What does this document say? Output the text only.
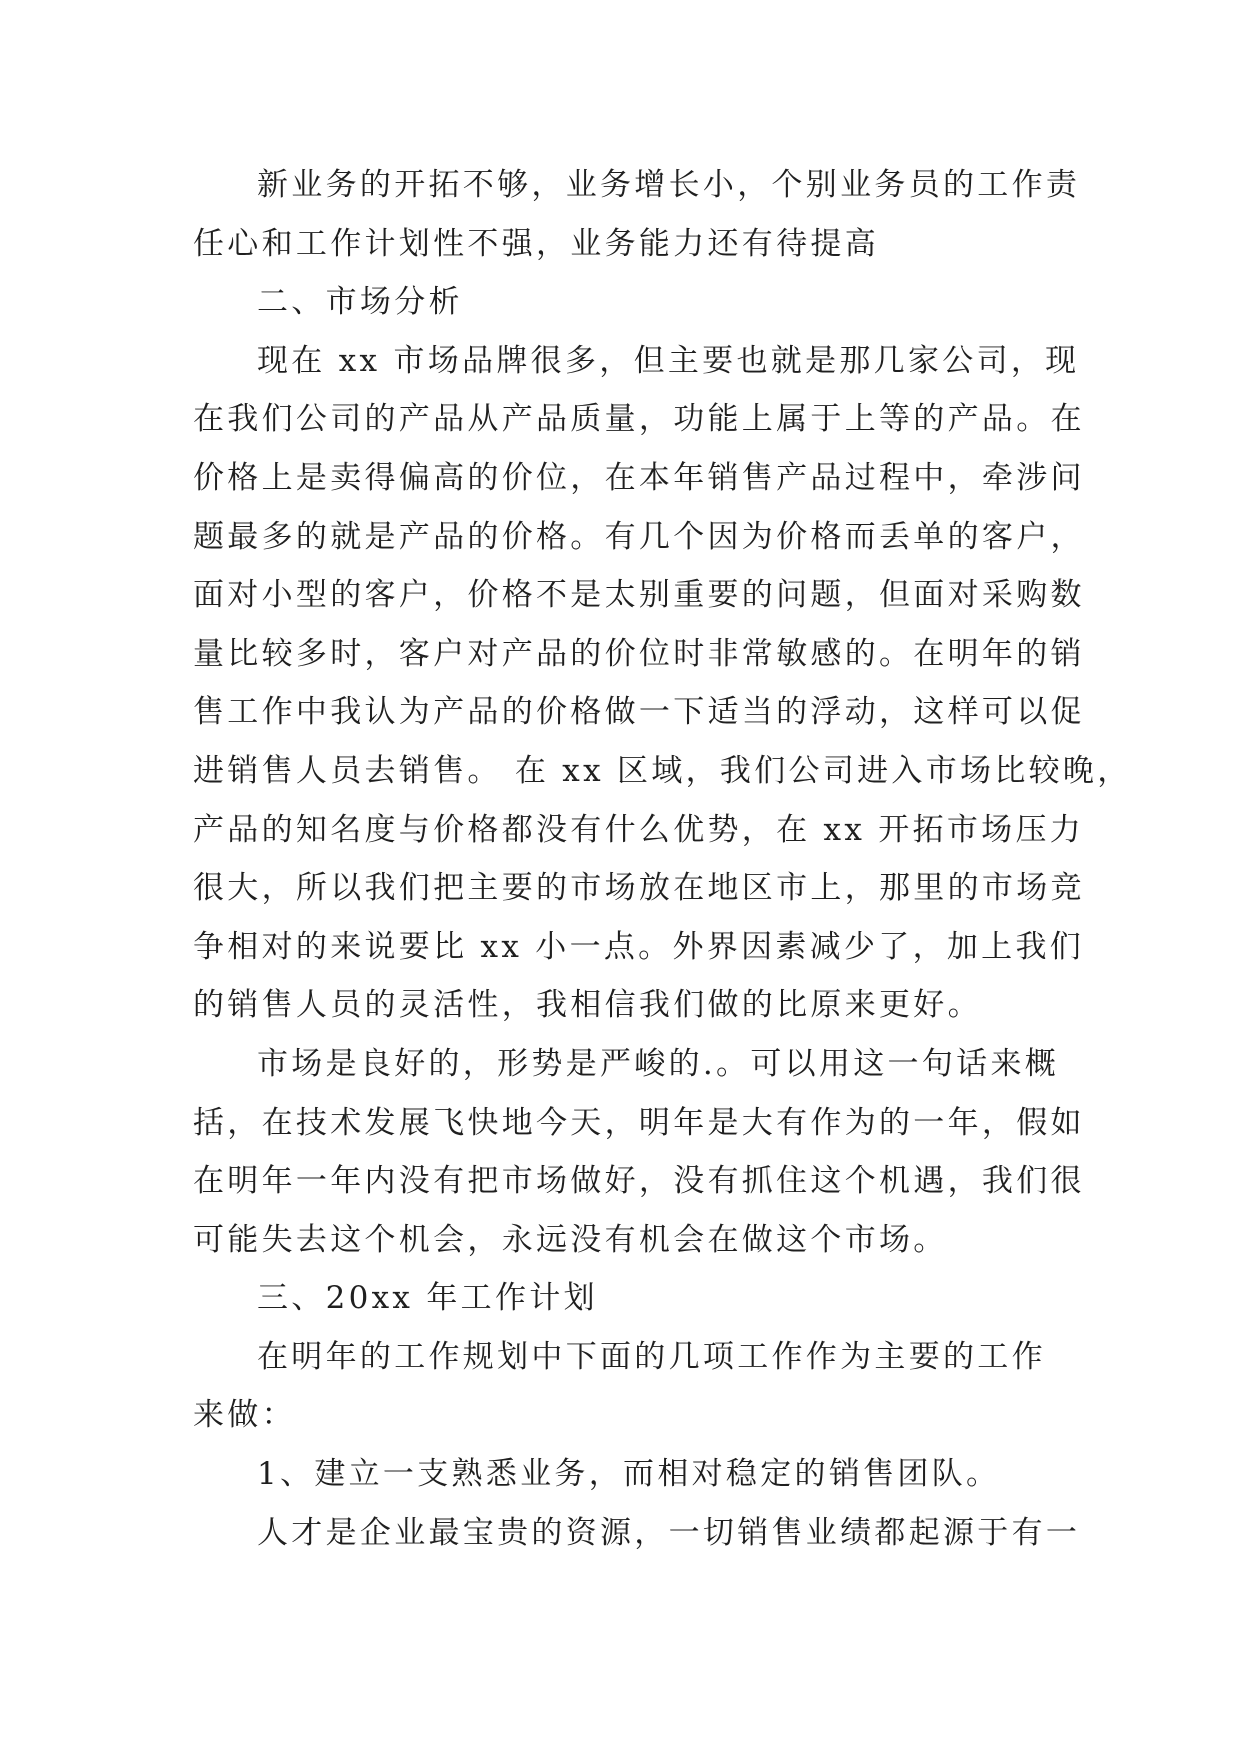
新业务的开拓不够，业务增长小，个别业务员的工作责
任心和工作计划性不强，业务能力还有待提高
二、市场分析
现在 xx 市场品牌很多，但主要也就是那几家公司，现
在我们公司的产品从产品质量，功能上属于上等的产品。在
价格上是卖得偏高的价位，在本年销售产品过程中，牵涉问
题最多的就是产品的价格。有几个因为价格而丢单的客户，
面对小型的客户，价格不是太别重要的问题，但面对采购数
量比较多时，客户对产品的价位时非常敏感的。在明年的销
售工作中我认为产品的价格做一下适当的浮动，这样可以促
进销售人员去销售。 在 xx 区域，我们公司进入市场比较晚，
产品的知名度与价格都没有什么优势，在 xx 开拓市场压力
很大，所以我们把主要的市场放在地区市上，那里的市场竞
争相对的来说要比 xx 小一点。外界因素减少了，加上我们
的销售人员的灵活性，我相信我们做的比原来更好。
市场是良好的，形势是严峻的.。可以用这一句话来概
括，在技术发展飞快地今天，明年是大有作为的一年，假如
在明年一年内没有把市场做好，没有抓住这个机遇，我们很
可能失去这个机会，永远没有机会在做这个市场。
三、20xx 年工作计划
在明年的工作规划中下面的几项工作作为主要的工作
来做：
1、建立一支熟悉业务，而相对稳定的销售团队。
人才是企业最宝贵的资源，一切销售业绩都起源于有一
